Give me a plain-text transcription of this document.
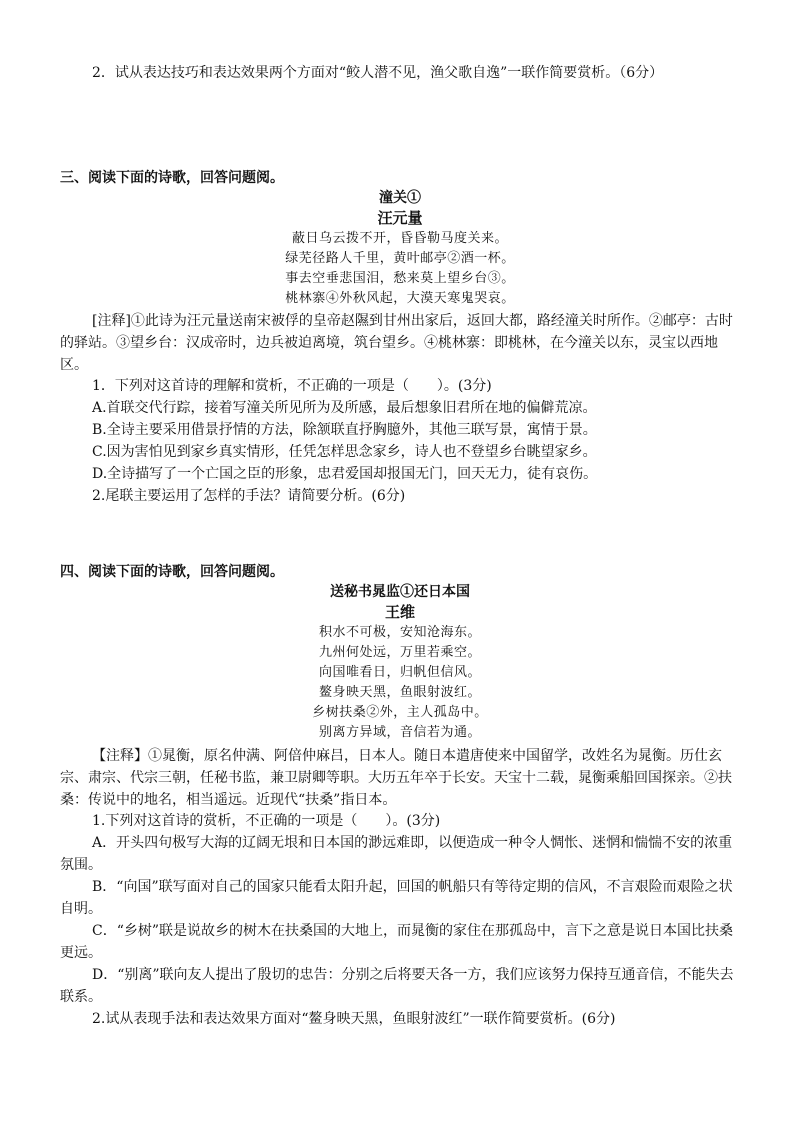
2．试从表达技巧和表达效果两个方面对“鲛人潜不见，渔父歌自逸”一联作简要赏析。（6分）

三、阅读下面的诗歌，回答问题阅。

潼关①

汪元量

蔽日乌云拨不开，昏昏勒马度关来。

绿芜径路人千里，黄叶邮亭②酒一杯。

事去空垂悲国泪，愁来莫上望乡台③。

桃林寨④外秋风起，大漠天寒鬼哭哀。

[注释]①此诗为汪元量送南宋被俘的皇帝赵隰到甘州出家后，返回大都，路经潼关时所作。②邮亭：古时的驿站。③望乡台：汉成帝时，边兵被迫离境，筑台望乡。④桃林寨：即桃林，在今潼关以东，灵宝以西地区。

1．下列对这首诗的理解和赏析，不正确的一项是（　　）。(3分)

A.首联交代行踪，接着写潼关所见所为及所感，最后想象旧君所在地的偏僻荒凉。

B.全诗主要采用借景抒情的方法，除颔联直抒胸臆外，其他三联写景，寓情于景。

C.因为害怕见到家乡真实情形，任凭怎样思念家乡，诗人也不登望乡台眺望家乡。

D.全诗描写了一个亡国之臣的形象，忠君爱国却报国无门，回天无力，徒有哀伤。

2.尾联主要运用了怎样的手法？请简要分析。(6分)

四、阅读下面的诗歌，回答问题阅。

送秘书晁监①还日本国

王维

积水不可极，安知沧海东。

九州何处远，万里若乘空。

向国唯看日，归帆但信风。

鳌身映天黑，鱼眼射波红。

乡树扶桑②外，主人孤岛中。

别离方异域，音信若为通。

【注释】①晁衡，原名仲满、阿倍仲麻吕，日本人。随日本遣唐使来中国留学，改姓名为晁衡。历仕玄宗、肃宗、代宗三朝，任秘书监，兼卫尉卿等职。大历五年卒于长安。天宝十二载，晁衡乘船回国探亲。②扶桑：传说中的地名，相当遥远。近现代“扶桑”指日本。

1.下列对这首诗的赏析，不正确的一项是（　　）。(3分)

A．开头四句极写大海的辽阔无垠和日本国的渺远难即，以便造成一种令人惆怅、迷惘和惴惴不安的浓重氛围。

B．“向国”联写面对自己的国家只能看太阳升起，回国的帆船只有等待定期的信风，不言艰险而艰险之状自明。

C．“乡树”联是说故乡的树木在扶桑国的大地上，而晁衡的家住在那孤岛中，言下之意是说日本国比扶桑更远。

D．“别离”联向友人提出了殷切的忠告：分别之后将要天各一方，我们应该努力保持互通音信，不能失去联系。

2.试从表现手法和表达效果方面对“鳌身映天黑，鱼眼射波红”一联作简要赏析。(6分)
